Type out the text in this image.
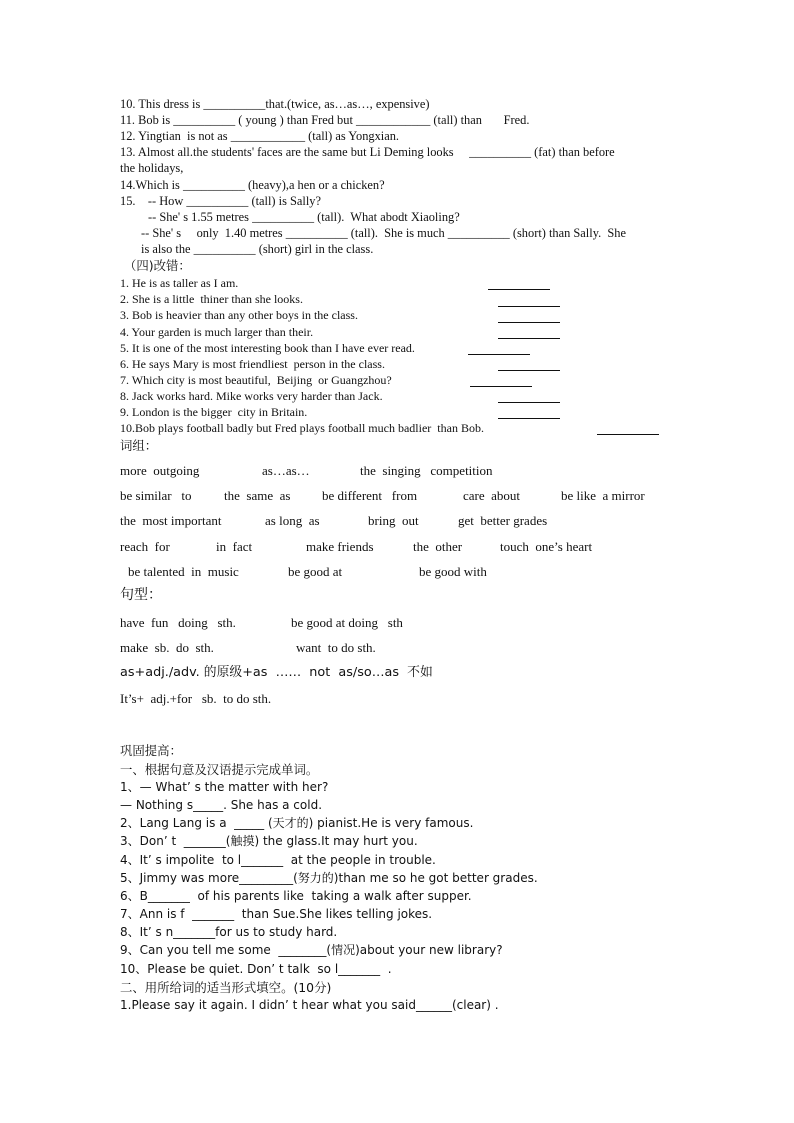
10. This dress is __________that.(twice, as…as…, expensive)
11. Bob is __________ ( young ) than Fred but ____________ (tall) than       Fred.
12. Yingtian  is not as ____________ (tall) as Yongxian.
13. Almost all.the students' faces are the same but Li Deming looks     __________ (fat) than before
the holidays,
14.Which is __________ (heavy),a hen or a chicken?
15.    -- How __________ (tall) is Sally?
-- She' s 1.55 metres __________ (tall).  What abodt Xiaoling?
-- She' s     only  1.40 metres __________ (tall).  She is much __________ (short) than Sally.  She
is also the __________ (short) girl in the class.
（四)改错：
1. He is as taller as I am.
2. She is a little  thiner than she looks.
3. Bob is heavier than any other boys in the class.
4. Your garden is much larger than their.
5. It is one of the most interesting book than I have ever read.
6. He says Mary is most friendliest  person in the class.
7. Which city is most beautiful,  Beijing  or Guangzhou?
8. Jack works hard. Mike works very harder than Jack.
9. London is the bigger  city in Britain.
10.Bob plays football badly but Fred plays football much badlier  than Bob.
词组：
more  outgoing	as…as…	the  singing   competition
be similar   to	the  same  as be different   from	care  about	be like  a mirror
the  most important	as long  as	bring  out	get  better grades
reach  for	in  fact	make friends	the  other	touch  one’s heart
be talented  in  music	be good at	be good with
句型：
have  fun   doing   sth.	be good at doing   sth
make  sb.  do  sth.	want  to do sth.
as+adj./adv. 的原级+as  ……  not  as/so…as  不如
It’s+  adj.+for   sb.  to do sth.
巩固提高：
一、根据句意及汉语提示完成单词。
1、— What’ s the matter with her?
— Nothing s_____. She has a cold.
2、Lang Lang is a  _____ (天才的) pianist.He is very famous.
3、Don’ t  _______(触摸) the glass.It may hurt you.
4、It’ s impolite  to l_______  at the people in trouble.
5、Jimmy was more_________(努力的)than me so he got better grades.
6、B_______  of his parents like  taking a walk after supper.
7、Ann is f  _______  than Sue.She likes telling jokes.
8、It’ s n_______for us to study hard.
9、Can you tell me some  ________(情况)about your new library?
10、Please be quiet. Don’ t talk  so l_______  .
二、用所给词的适当形式填空。(10分)
1.Please say it again. I didn’ t hear what you said______(clear) .
